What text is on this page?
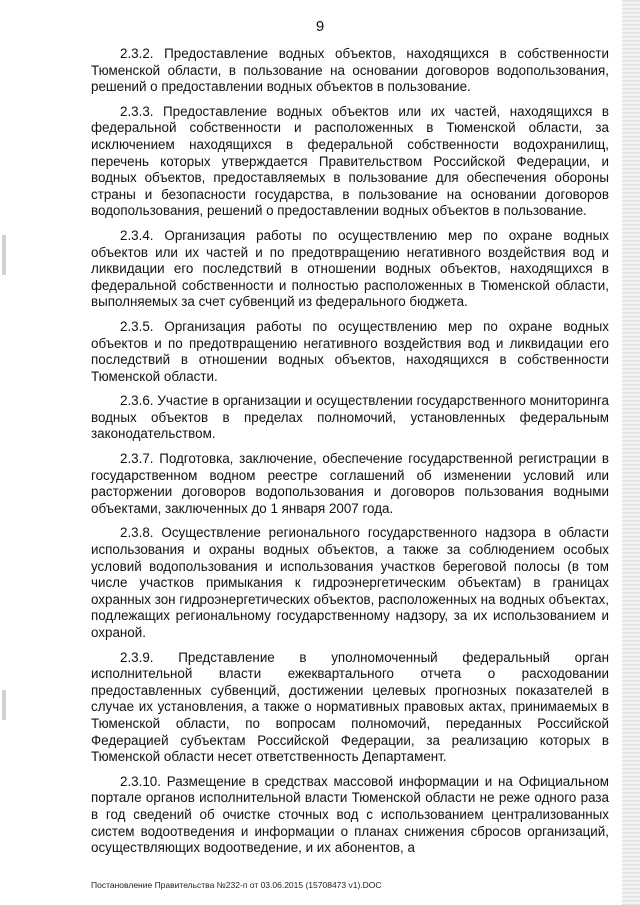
9

2.3.2. Предоставление водных объектов, находящихся в собственности Тюменской области, в пользование на основании договоров водопользования, решений о предоставлении водных объектов в пользование.

2.3.3. Предоставление водных объектов или их частей, находящихся в федеральной собственности и расположенных в Тюменской области, за исключением находящихся в федеральной собственности водохранилищ, перечень которых утверждается Правительством Российской Федерации, и водных объектов, предоставляемых в пользование для обеспечения обороны страны и безопасности государства, в пользование на основании договоров водопользования, решений о предоставлении водных объектов в пользование.

2.3.4. Организация работы по осуществлению мер по охране водных объектов или их частей и по предотвращению негативного воздействия вод и ликвидации его последствий в отношении водных объектов, находящихся в федеральной собственности и полностью расположенных в Тюменской области, выполняемых за счет субвенций из федерального бюджета.

2.3.5. Организация работы по осуществлению мер по охране водных объектов и по предотвращению негативного воздействия вод и ликвидации его последствий в отношении водных объектов, находящихся в собственности Тюменской области.

2.3.6. Участие в организации и осуществлении государственного мониторинга водных объектов в пределах полномочий, установленных федеральным законодательством.

2.3.7. Подготовка, заключение, обеспечение государственной регистрации в государственном водном реестре соглашений об изменении условий или расторжении договоров водопользования и договоров пользования водными объектами, заключенных до 1 января 2007 года.

2.3.8. Осуществление регионального государственного надзора в области использования и охраны водных объектов, а также за соблюдением особых условий водопользования и использования участков береговой полосы (в том числе участков примыкания к гидроэнергетическим объектам) в границах охранных зон гидроэнергетических объектов, расположенных на водных объектах, подлежащих региональному государственному надзору, за их использованием и охраной.

2.3.9. Представление в уполномоченный федеральный орган исполнительной власти ежеквартального отчета о расходовании предоставленных субвенций, достижении целевых прогнозных показателей в случае их установления, а также о нормативных правовых актах, принимаемых в Тюменской области, по вопросам полномочий, переданных Российской Федерацией субъектам Российской Федерации, за реализацию которых в Тюменской области несет ответственность Департамент.

2.3.10. Размещение в средствах массовой информации и на Официальном портале органов исполнительной власти Тюменской области не реже одного раза в год сведений об очистке сточных вод с использованием централизованных систем водоотведения и информации о планах снижения сбросов организаций, осуществляющих водоотведение, и их абонентов, а

Постановление Правительства №232-п от 03.06.2015 (15708473 v1).DOC
